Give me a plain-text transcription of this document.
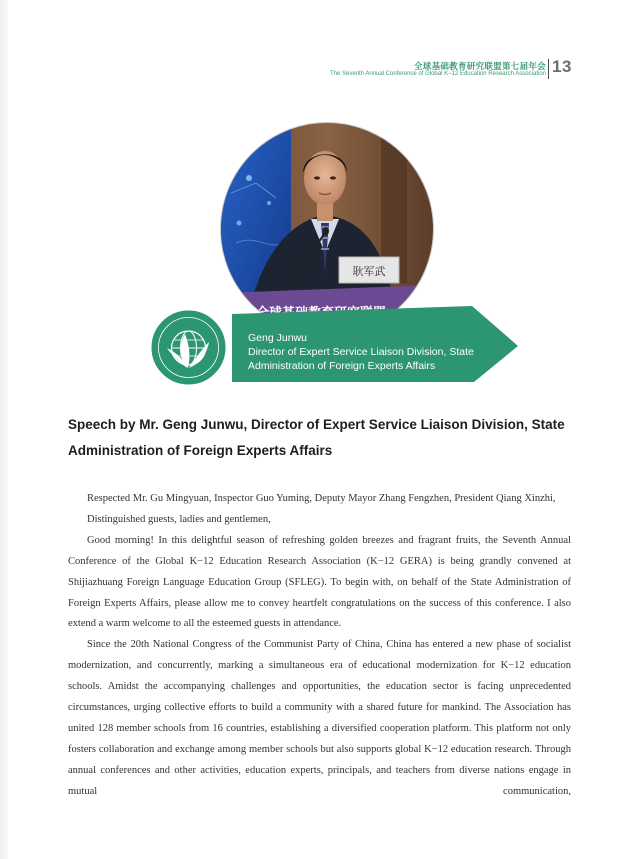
全球基础教育研究联盟第七届年会
The Seventh Annual Conference of Global K−12 Education Research Association 13
耿军武
Geng Junwu
Director of Expert Service Liaison Division, State
Administration of Foreign Experts Affairs
Speech by Mr. Geng Junwu, Director of Expert Service Liaison Division, State
Administration of Foreign Experts Affairs

Respected Mr. Gu Mingyuan, Inspector Guo Yuming, Deputy Mayor Zhang Fengzhen, President Qiang Xinzhi,

Distinguished guests, ladies and gentlemen,

Good morning! In this delightful season of refreshing golden breezes and fragrant fruits, the Seventh Annual Conference of the Global K−12 Education Research Association (K−12 GERA) is being grandly convened at Shijiazhuang Foreign Language Education Group (SFLEG). To begin with, on behalf of the State Administration of Foreign Experts Affairs, please allow me to convey heartfelt congratulations on the success of this conference. I also extend a warm welcome to all the esteemed guests in attendance.

Since the 20th National Congress of the Communist Party of China, China has entered a new phase of socialist modernization, and concurrently, marking a simultaneous era of educational modernization for K−12 education schools. Amidst the accompanying challenges and opportunities, the education sector is facing unprecedented circumstances, urging collective efforts to build a community with a shared future for mankind. The Association has united 128 member schools from 16 countries, establishing a diversified cooperation platform. This platform not only fosters collaboration and exchange among member schools but also supports global K−12 education research. Through annual conferences and other activities, education experts, principals, and teachers from diverse nations engage in mutual communication,
